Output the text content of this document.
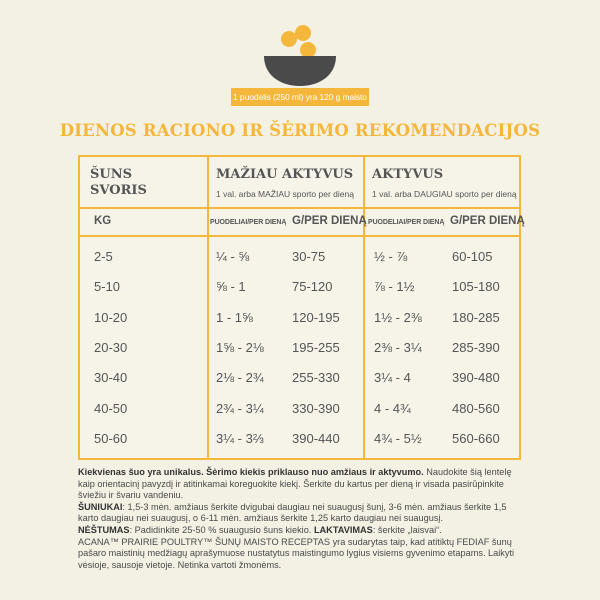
1 puodelis (250 ml) yra 120 g maisto
DIENOS RACIONO IR ŠĖRIMO REKOMENDACIJOS
ŠUNS
SVORIS
MAŽIAU AKTYVUS
1 val. arba MAŽIAU sporto per dieną
AKTYVUS
1 val. arba DAUGIAU sporto per dieną
KG	PUODELIAI/PER DIENĄ G/PER DIENĄ PUODELIAI/PER DIENĄ G/PER DIENĄ
2-5	¼ - ⅝	30-75	½ - ⅞	60-105
5-10	⅝ - 1	75-120	⅞ - 1½	105-180
10-20	1 - 1⅝	120-195	1½ - 2⅜ 180-285
20-30	1⅝ - 2⅛ 195-255	2⅜ - 3¼ 285-390
30-40	2⅛ - 2¾ 255-330	3¼ - 4	390-480
40-50	2¾ - 3¼ 330-390	4 - 4¾	480-560
50-60	3¼ - 3⅔ 390-440	4¾ - 5½ 560-660

Kiekvienas šuo yra unikalus. Šėrimo kiekis priklauso nuo amžiaus ir aktyvumo. Naudokite šią lentelę kaip orientacinį pavyzdį ir atitinkamai koreguokite kiekį. Šerkite du kartus per dieną ir visada pasirūpinkite šviežiu ir švariu vandeniu.

ŠUNIUKAI: 1,5-3 mėn. amžiaus šerkite dvigubai daugiau nei suaugusį šunį, 3-6 mėn. amžiaus šerkite 1,5 karto daugiau nei suaugusį, o 6-11 mėn. amžiaus šerkite 1,25 karto daugiau nei suaugusį.

NĖŠTUMAS: Padidinkite 25-50 % suaugusio šuns kiekio. LAKTAVIMAS: šerkite „laisvai“.

ACANA™ PRAIRIE POULTRY™ ŠUNŲ MAISTO RECEPTAS yra sudarytas taip, kad atitiktų FEDIAF šunų pašaro maistinių medžiagų aprašymuose nustatytus maistingumo lygius visiems gyvenimo etapams. Laikyti vėsioje, sausoje vietoje. Netinka vartoti žmonėms.
